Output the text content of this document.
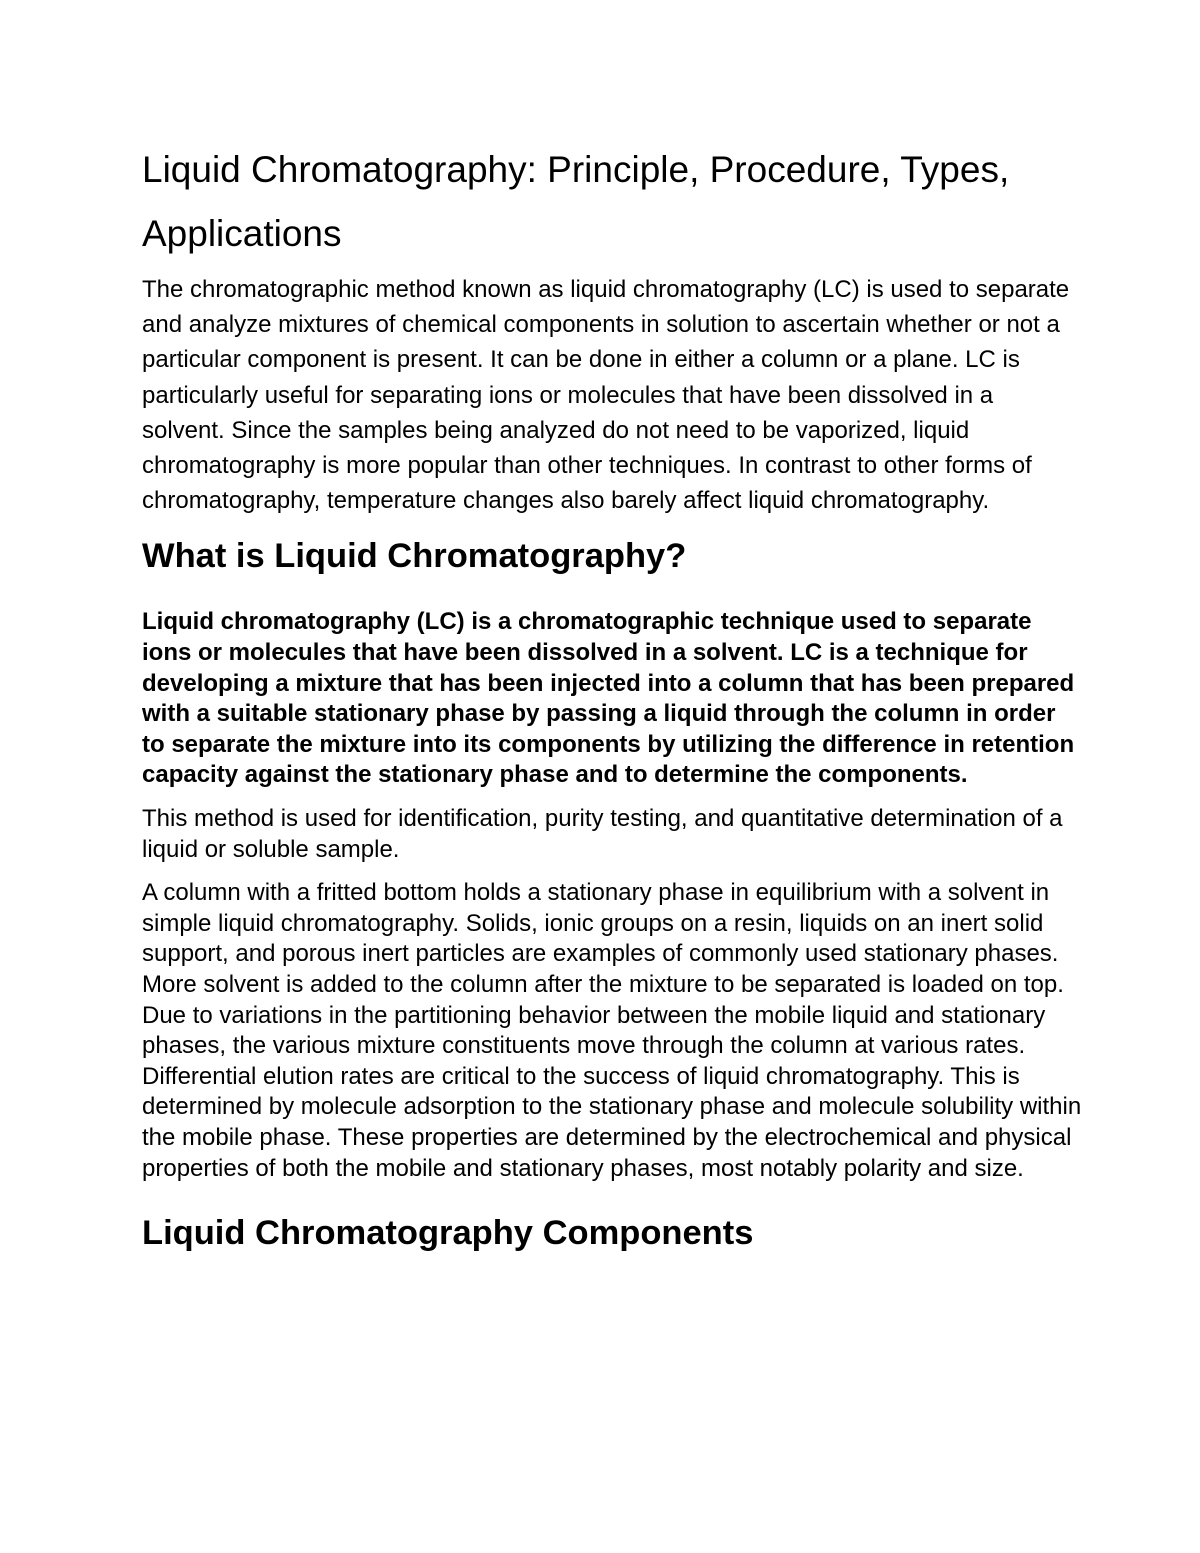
Liquid Chromatography: Principle, Procedure, Types, Applications

The chromatographic method known as liquid chromatography (LC) is used to separate and analyze mixtures of chemical components in solution to ascertain whether or not a particular component is present. It can be done in either a column or a plane. LC is particularly useful for separating ions or molecules that have been dissolved in a solvent. Since the samples being analyzed do not need to be vaporized, liquid chromatography is more popular than other techniques. In contrast to other forms of chromatography, temperature changes also barely affect liquid chromatography.

What is Liquid Chromatography?

Liquid chromatography (LC) is a chromatographic technique used to separate ions or molecules that have been dissolved in a solvent. LC is a technique for developing a mixture that has been injected into a column that has been prepared with a suitable stationary phase by passing a liquid through the column in order to separate the mixture into its components by utilizing the difference in retention capacity against the stationary phase and to determine the components.

This method is used for identification, purity testing, and quantitative determination of a liquid or soluble sample.

A column with a fritted bottom holds a stationary phase in equilibrium with a solvent in simple liquid chromatography. Solids, ionic groups on a resin, liquids on an inert solid support, and porous inert particles are examples of commonly used stationary phases. More solvent is added to the column after the mixture to be separated is loaded on top. Due to variations in the partitioning behavior between the mobile liquid and stationary phases, the various mixture constituents move through the column at various rates. Differential elution rates are critical to the success of liquid chromatography. This is determined by molecule adsorption to the stationary phase and molecule solubility within the mobile phase. These properties are determined by the electrochemical and physical properties of both the mobile and stationary phases, most notably polarity and size.

Liquid Chromatography Components
